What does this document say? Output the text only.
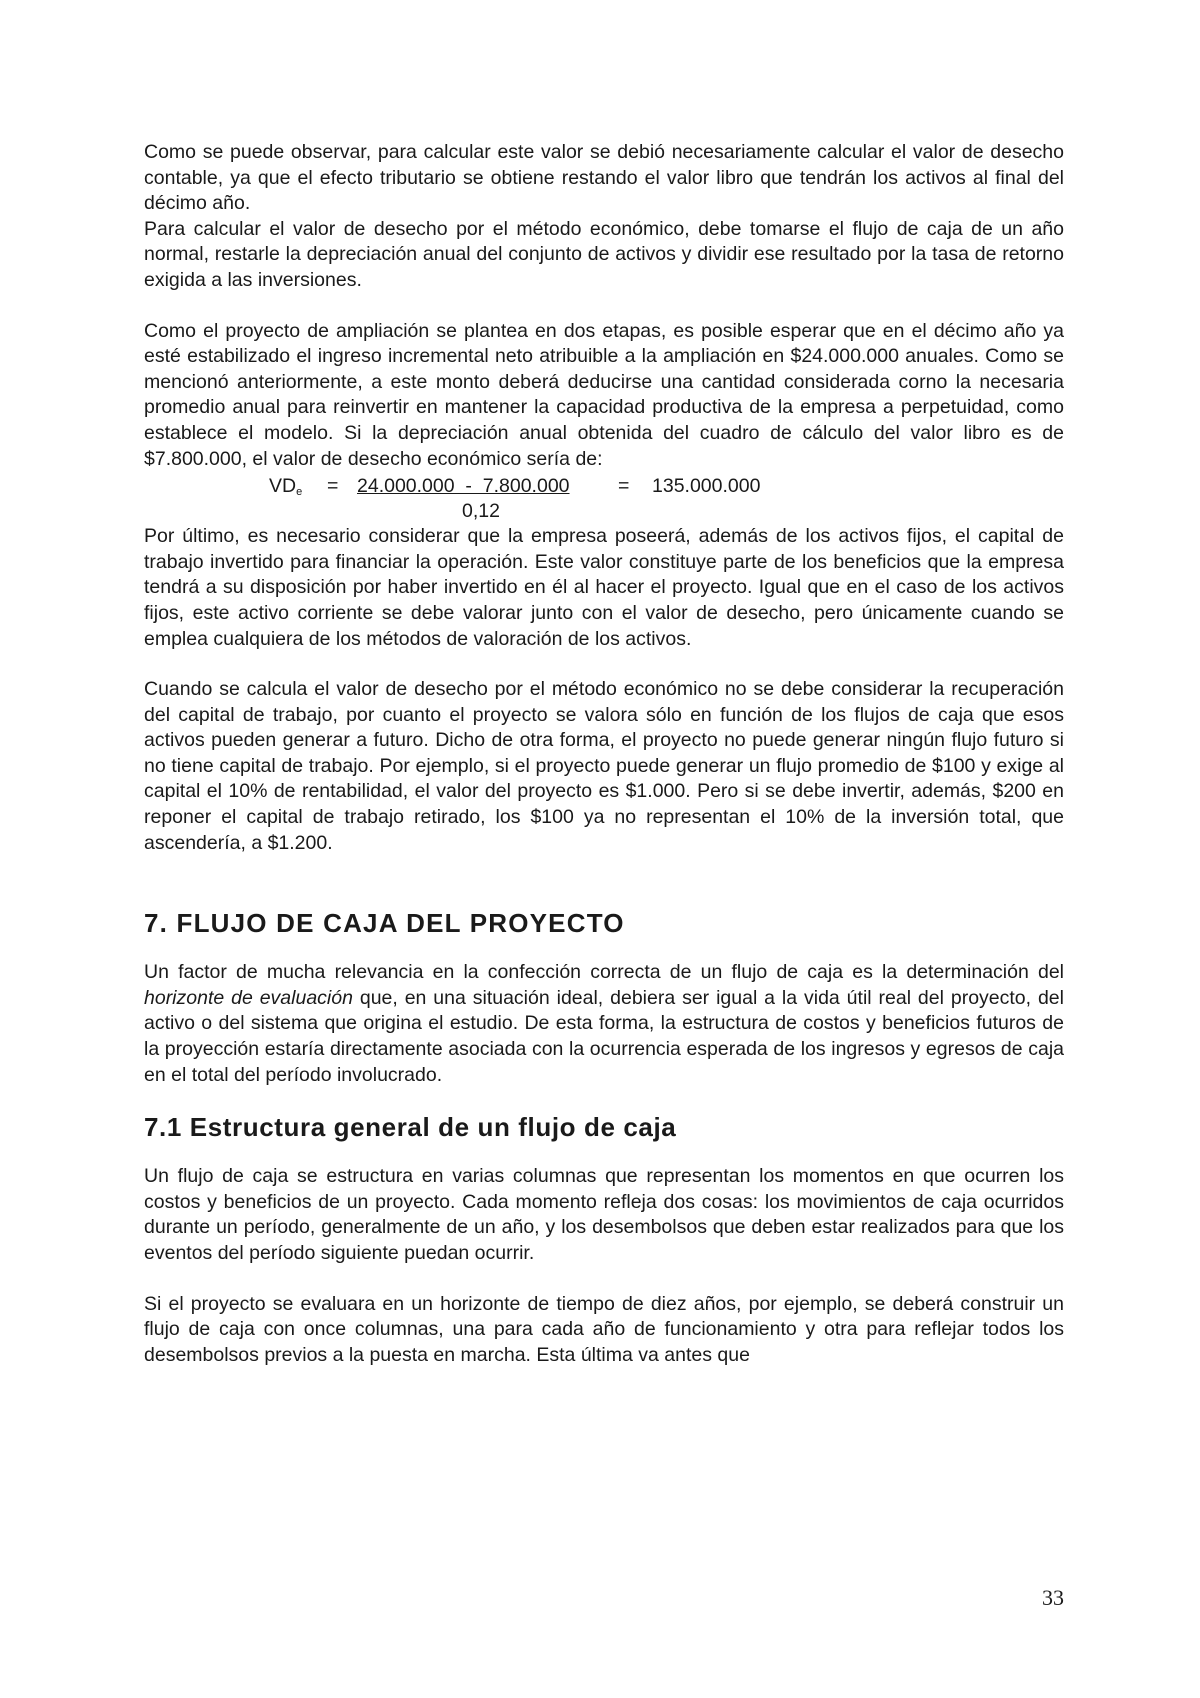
Como se puede observar, para calcular este valor se debió necesariamente calcular el valor de desecho contable, ya que el efecto tributario se obtiene restando el valor libro que tendrán los activos al final del décimo año.

Para calcular el valor de desecho por el método económico, debe tomarse el flujo de caja de un año normal, restarle la depreciación anual del conjunto de activos y dividir ese resultado por la tasa de retorno exigida a las inversiones.

Como el proyecto de ampliación se plantea en dos etapas, es posible esperar que en el décimo año ya esté estabilizado el ingreso incremental neto atribuible a la ampliación en $24.000.000 anuales. Como se mencionó anteriormente, a este monto deberá deducirse una cantidad considerada corno la necesaria promedio anual para reinvertir en mantener la capacidad productiva de la empresa a perpetuidad, como establece el modelo. Si la depreciación anual obtenida del cuadro de cálculo del valor libro es de $7.800.000, el valor de desecho económico sería de:

$VD_e = 24.000.000 - 7.800.000 = 135.000.000$
0,12

Por último, es necesario considerar que la empresa poseerá, además de los activos fijos, el capital de trabajo invertido para financiar la operación. Este valor constituye parte de los beneficios que la empresa tendrá a su disposición por haber invertido en él al hacer el proyecto. Igual que en el caso de los activos fijos, este activo corriente se debe valorar junto con el valor de desecho, pero únicamente cuando se emplea cualquiera de los métodos de valoración de los activos.

Cuando se calcula el valor de desecho por el método económico no se debe considerar la recuperación del capital de trabajo, por cuanto el proyecto se valora sólo en función de los flujos de caja que esos activos pueden generar a futuro. Dicho de otra forma, el proyecto no puede generar ningún flujo futuro si no tiene capital de trabajo. Por ejemplo, si el proyecto puede generar un flujo promedio de $100 y exige al capital el 10% de rentabilidad, el valor del proyecto es $1.000. Pero si se debe invertir, además, $200 en reponer el capital de trabajo retirado, los $100 ya no representan el 10% de la inversión total, que ascendería, a $1.200.

7. FLUJO DE CAJA DEL PROYECTO

Un factor de mucha relevancia en la confección correcta de un flujo de caja es la determinación del horizonte de evaluación que, en una situación ideal, debiera ser igual a la vida útil real del proyecto, del activo o del sistema que origina el estudio. De esta forma, la estructura de costos y beneficios futuros de la proyección estaría directamente asociada con la ocurrencia esperada de los ingresos y egresos de caja en el total del período involucrado.

7.1 Estructura general de un flujo de caja

Un flujo de caja se estructura en varias columnas que representan los momentos en que ocurren los costos y beneficios de un proyecto. Cada momento refleja dos cosas: los movimientos de caja ocurridos durante un período, generalmente de un año, y los desembolsos que deben estar realizados para que los eventos del período siguiente puedan ocurrir.

Si el proyecto se evaluara en un horizonte de tiempo de diez años, por ejemplo, se deberá construir un flujo de caja con once columnas, una para cada año de funcionamiento y otra para reflejar todos los desembolsos previos a la puesta en marcha. Esta última va antes que

33
